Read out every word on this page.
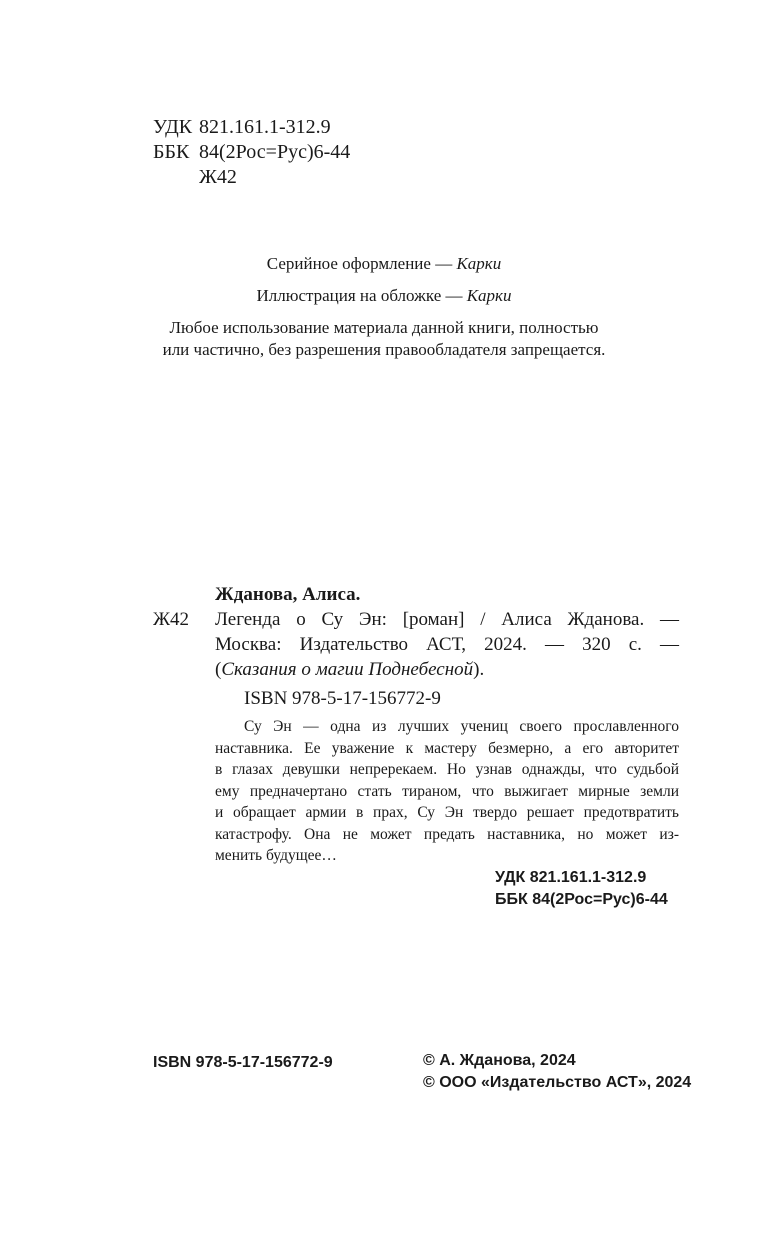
УДК 821.161.1-312.9
ББК 84(2Рос=Рус)6-44
Ж42
Серийное оформление — Карки
Иллюстрация на обложке — Карки
Любое использование материала данной книги, полностью
или частично, без разрешения правообладателя запрещается.
Жданова, Алиса.
Ж42 Легенда о Су Эн: [роман] / Алиса Жданова. —
Москва: Издательство АСТ, 2024. — 320 с. —
(Сказания о магии Поднебесной).
ISBN 978-5-17-156772-9
Су Эн — одна из лучших учениц своего прославленного
наставника. Ее уважение к мастеру безмерно, а его авторитет
в глазах девушки непререкаем. Но узнав однажды, что судьбой
ему предначертано стать тираном, что выжигает мирные земли
и обращает армии в прах, Су Эн твердо решает предотвратить
катастрофу. Она не может предать наставника, но может из-
менить будущее…
УДК 821.161.1-312.9
ББК 84(2Рос=Рус)6-44
ISBN 978-5-17-156772-9	© А. Жданова, 2024
© ООО «Издательство АСТ», 2024
